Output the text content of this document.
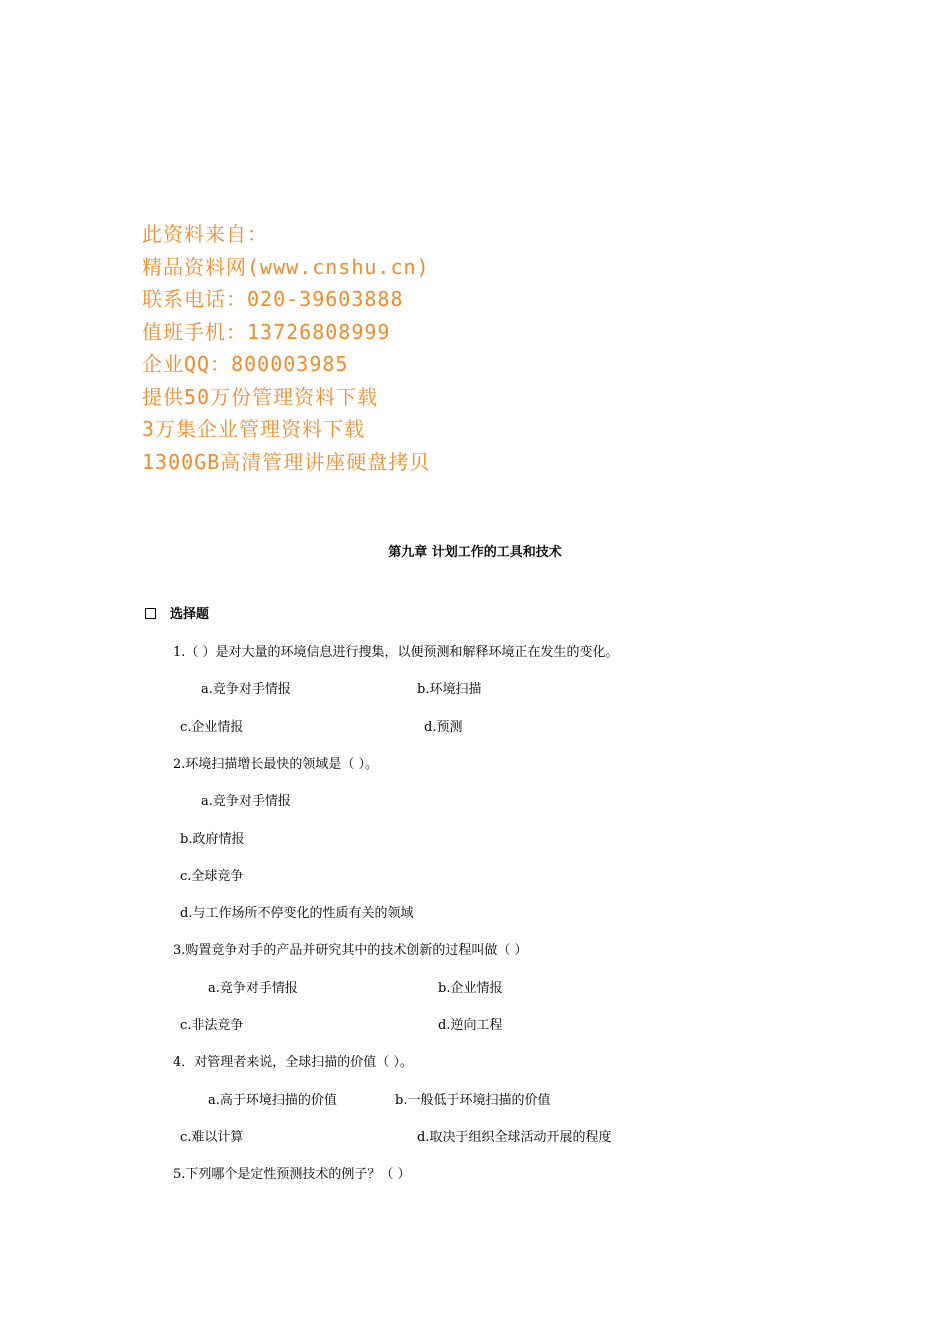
此资料来自：
精品资料网(www.cnshu.cn)
联系电话：020-39603888
值班手机：13726808999
企业QQ：800003985
提供50万份管理资料下载
3万集企业管理资料下载
1300GB高清管理讲座硬盘拷贝
第九章 计划工作的工具和技术
选择题
1.（ ）是对大量的环境信息进行搜集，以便预测和解释环境正在发生的变化。
a.竞争对手情报	b.环境扫描
c.企业情报	d.预测
2.环境扫描增长最快的领域是（ ）。
a.竞争对手情报
b.政府情报
c.全球竞争
d.与工作场所不停变化的性质有关的领域
3.购置竞争对手的产品并研究其中的技术创新的过程叫做（ ）
a.竞争对手情报	b.企业情报
c.非法竞争	d.逆向工程
4．对管理者来说，全球扫描的价值（ ）。
a.高于环境扫描的价值	b.一般低于环境扫描的价值
c.难以计算	d.取决于组织全球活动开展的程度
5.下列哪个是定性预测技术的例子？（ ）
